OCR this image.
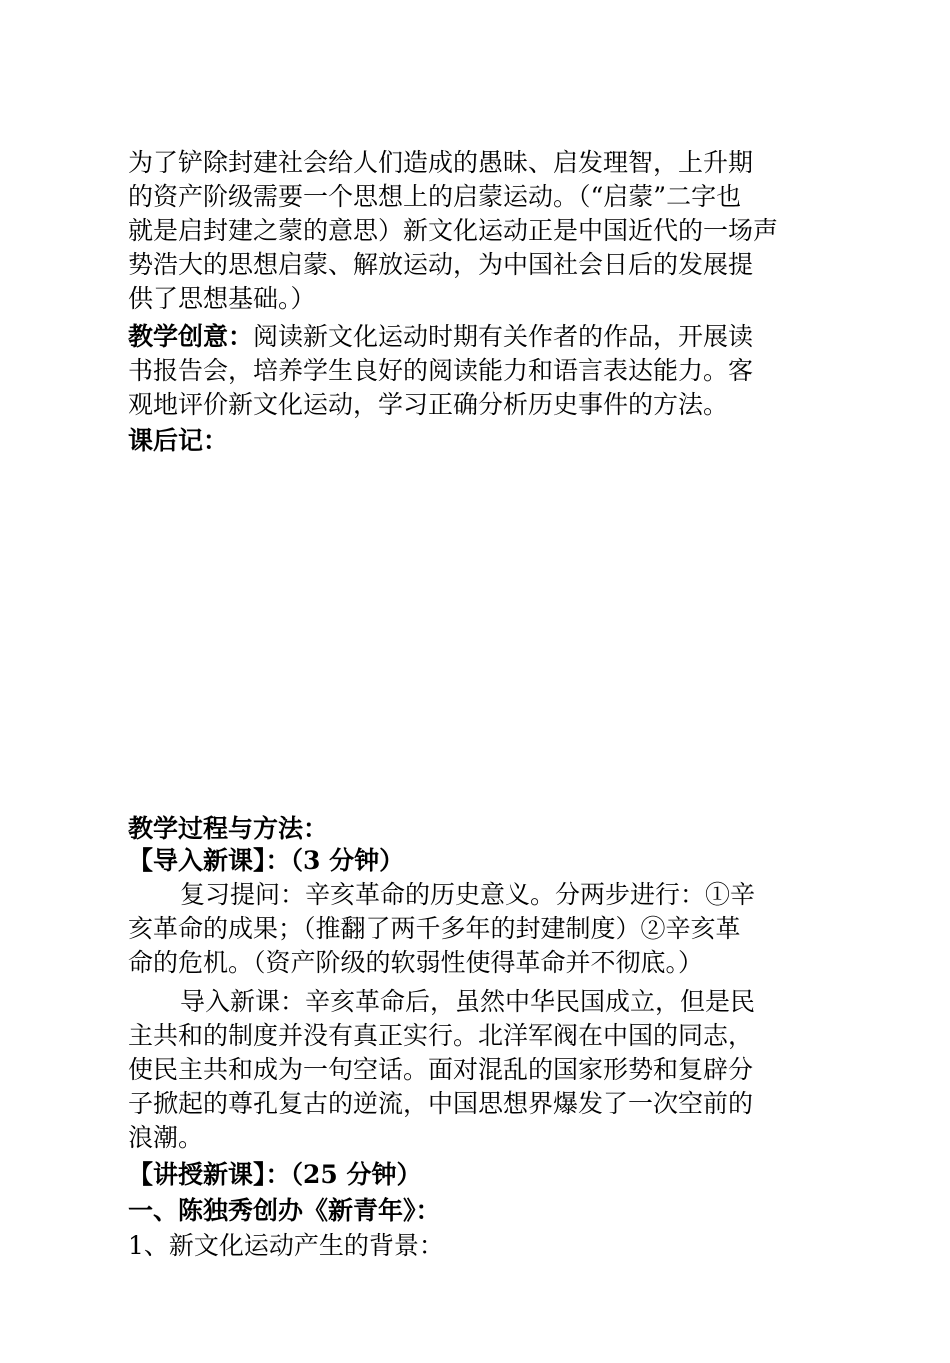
为了铲除封建社会给人们造成的愚昧、启发理智，上升期
的资产阶级需要一个思想上的启蒙运动。（“启蒙”二字也
就是启封建之蒙的意思）新文化运动正是中国近代的一场声
势浩大的思想启蒙、解放运动，为中国社会日后的发展提
供了思想基础。）
教学创意：阅读新文化运动时期有关作者的作品，开展读
书报告会，培养学生良好的阅读能力和语言表达能力。客
观地评价新文化运动，学习正确分析历史事件的方法。
课后记：
教学过程与方法：
【导入新课】：（3 分钟）
复习提问：辛亥革命的历史意义。分两步进行：①辛
亥革命的成果；（推翻了两千多年的封建制度）②辛亥革
命的危机。（资产阶级的软弱性使得革命并不彻底。）
导入新课：辛亥革命后，虽然中华民国成立，但是民
主共和的制度并没有真正实行。北洋军阀在中国的同志，
使民主共和成为一句空话。面对混乱的国家形势和复辟分
子掀起的尊孔复古的逆流，中国思想界爆发了一次空前的
浪潮。
【讲授新课】：（25 分钟）
一、陈独秀创办《新青年》：
1、新文化运动产生的背景：
